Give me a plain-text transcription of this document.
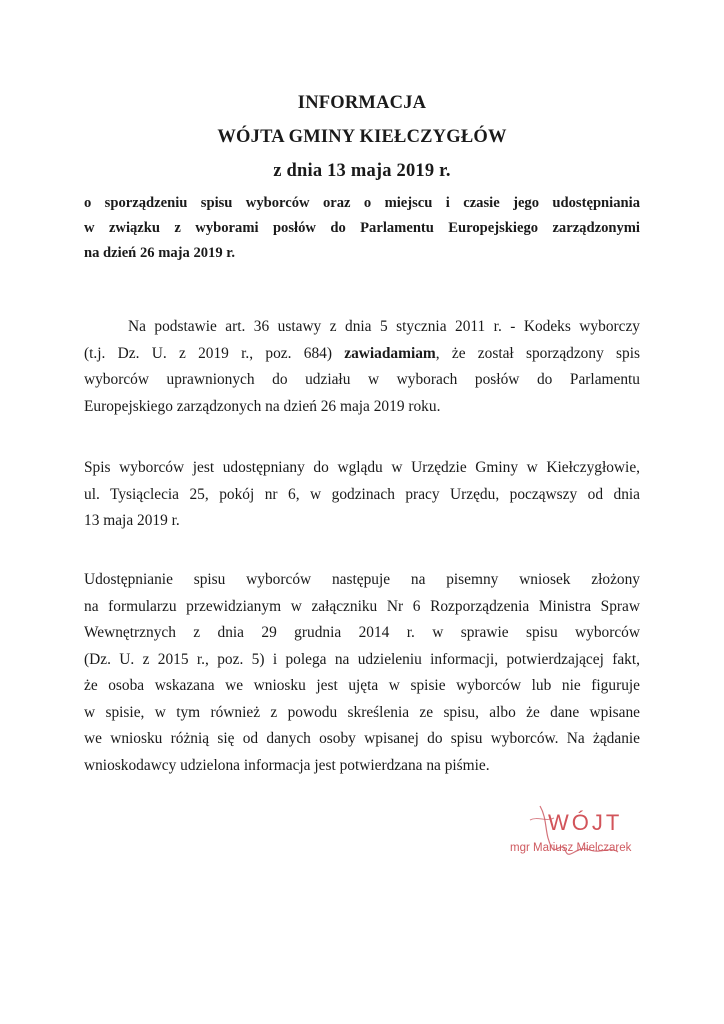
INFORMACJA
WÓJTA GMINY KIEŁCZYGŁÓW
z dnia 13 maja 2019 r.
o sporządzeniu spisu wyborców oraz o miejscu i czasie jego udostępniania
w związku z wyborami posłów do Parlamentu Europejskiego zarządzonymi
na dzień 26 maja 2019 r.
Na podstawie art. 36 ustawy z dnia 5 stycznia 2011 r. - Kodeks wyborczy
(t.j. Dz. U. z 2019 r., poz. 684) zawiadamiam, że został sporządzony spis
wyborców uprawnionych do udziału w wyborach posłów do Parlamentu
Europejskiego zarządzonych na dzień 26 maja 2019 roku.
Spis wyborców jest udostępniany do wglądu w Urzędzie Gminy w Kiełczygłowie,
ul. Tysiąclecia 25, pokój nr 6, w godzinach pracy Urzędu, począwszy od dnia
13 maja 2019 r.
Udostępnianie spisu wyborców następuje na pisemny wniosek złożony
na formularzu przewidzianym w załączniku Nr 6 Rozporządzenia Ministra Spraw
Wewnętrznych z dnia 29 grudnia 2014 r. w sprawie spisu wyborców
(Dz. U. z 2015 r., poz. 5) i polega na udzieleniu informacji, potwierdzającej fakt,
że osoba wskazana we wniosku jest ujęta w spisie wyborców lub nie figuruje
w spisie, w tym również z powodu skreślenia ze spisu, albo że dane wpisane
we wniosku różnią się od danych osoby wpisanej do spisu wyborców. Na żądanie
wnioskodawcy udzielona informacja jest potwierdzana na piśmie.
WÓJT
mgr Mariusz Mielczarek
